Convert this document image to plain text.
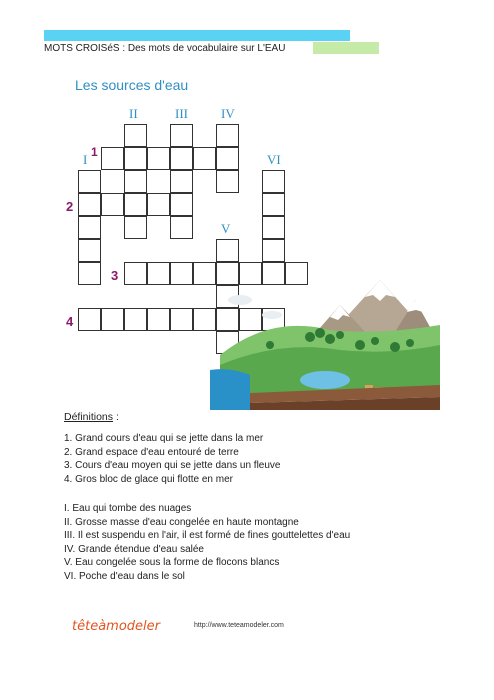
MOTS CROISéS : Des mots de vocabulaire sur L'EAU
Les sources d'eau
I
II	III	IV
V
VI
1
2
3
4
Définitions :
1. Grand cours d'eau qui se jette dans la mer
2. Grand espace d'eau entouré de terre
3. Cours d'eau moyen qui se jette dans un fleuve
4. Gros bloc de glace qui flotte en mer
I. Eau qui tombe des nuages
II. Grosse masse d'eau congelée en haute montagne
III. Il est suspendu en l'air, il est formé de fines gouttelettes d'eau
IV. Grande étendue d'eau salée
V. Eau congelée sous la forme de flocons blancs
VI. Poche d'eau dans le sol
têteàmodeler	http://www.teteamodeler.com
